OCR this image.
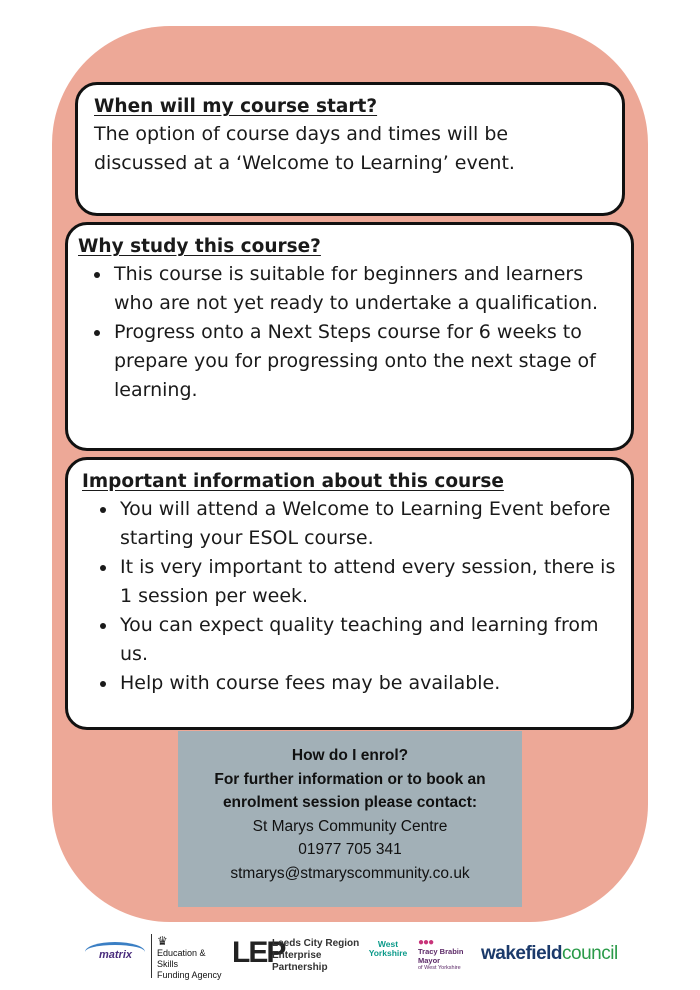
When will my course start?

The option of course days and times will be

discussed at a ‘Welcome to Learning’ event.

Why study this course?
This course is suitable for beginners and learners who are not yet ready to undertake a qualification.
Progress onto a Next Steps course for 6 weeks to prepare you for progressing onto the next stage of learning.
Important information about this course
You will attend a Welcome to Learning Event before starting your ESOL course.
It is very important to attend every session, there is 1 session per week.
You can expect quality teaching and learning from us.
Help with course fees may be available.
How do I enrol?
For further information or to book an
enrolment session please contact:
St Marys Community Centre
01977 705 341
stmarys@stmaryscommunity.co.uk
matrix
♛
Education & Skills
Funding Agency
LEP
Leeds City Region
Enterprise
Partnership
West
Yorkshire
●●●
Tracy Brabin
Mayor
of West Yorkshire
wakefieldcouncil
